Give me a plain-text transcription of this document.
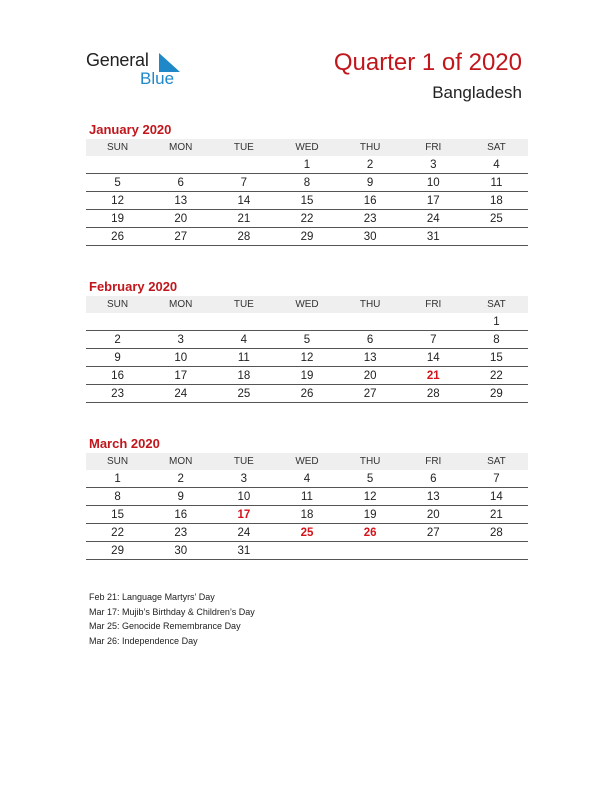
General
Blue
Quarter 1 of 2020
Bangladesh
January 2020
SUN	MON	TUE	WED	THU	FRI	SAT
			1	2	3	4
5	6	7	8	9	10	11
12	13	14	15	16	17	18
19	20	21	22	23	24	25
26	27	28	29	30	31	
February 2020
SUN	MON	TUE	WED	THU	FRI	SAT
						1
2	3	4	5	6	7	8
9	10	11	12	13	14	15
16	17	18	19	20	21	22
23	24	25	26	27	28	29
March 2020
SUN	MON	TUE	WED	THU	FRI	SAT
1	2	3	4	5	6	7
8	9	10	11	12	13	14
15	16	17	18	19	20	21
22	23	24	25	26	27	28
29	30	31				
Feb 21: Language Martyrs’ Day
Mar 17: Mujib’s Birthday & Children’s Day
Mar 25: Genocide Remembrance Day
Mar 26: Independence Day
